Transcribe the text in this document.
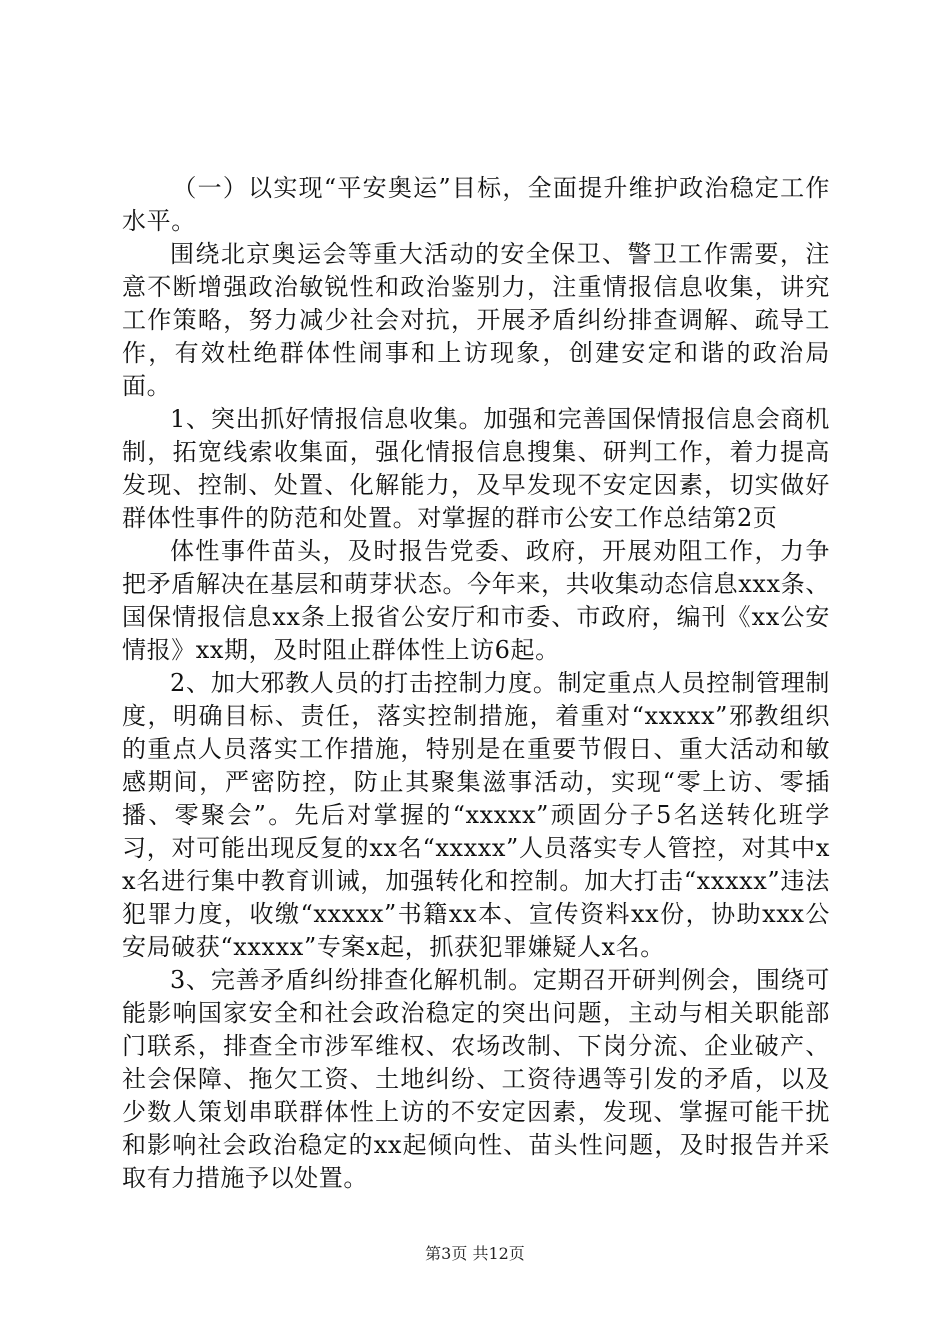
（一）以实现“平安奥运”目标，全面提升维护政治稳定工作水平。

围绕北京奥运会等重大活动的安全保卫、警卫工作需要，注意不断增强政治敏锐性和政治鉴别力，注重情报信息收集，讲究工作策略，努力减少社会对抗，开展矛盾纠纷排查调解、疏导工作，有效杜绝群体性闹事和上访现象，创建安定和谐的政治局面。

1、突出抓好情报信息收集。加强和完善国保情报信息会商机制，拓宽线索收集面，强化情报信息搜集、研判工作，着力提高发现、控制、处置、化解能力，及早发现不安定因素，切实做好群体性事件的防范和处置。对掌握的群市公安工作总结第2页

体性事件苗头，及时报告党委、政府，开展劝阻工作，力争把矛盾解决在基层和萌芽状态。今年来，共收集动态信息xxx条、国保情报信息xx条上报省公安厅和市委、市政府，编刊《xx公安情报》xx期，及时阻止群体性上访6起。

2、加大邪教人员的打击控制力度。制定重点人员控制管理制度，明确目标、责任，落实控制措施，着重对“xxxxx”邪教组织的重点人员落实工作措施，特别是在重要节假日、重大活动和敏感期间，严密防控，防止其聚集滋事活动，实现“零上访、零插播、零聚会”。先后对掌握的“xxxxx”顽固分子5名送转化班学习，对可能出现反复的xx名“xxxxx”人员落实专人管控，对其中xx名进行集中教育训诫，加强转化和控制。加大打击“xxxxx”违法犯罪力度，收缴“xxxxx”书籍xx本、宣传资料xx份，协助xxx公安局破获“xxxxx”专案x起，抓获犯罪嫌疑人x名。

3、完善矛盾纠纷排查化解机制。定期召开研判例会，围绕可能影响国家安全和社会政治稳定的突出问题，主动与相关职能部门联系，排查全市涉军维权、农场改制、下岗分流、企业破产、社会保障、拖欠工资、土地纠纷、工资待遇等引发的矛盾，以及少数人策划串联群体性上访的不安定因素，发现、掌握可能干扰和影响社会政治稳定的xx起倾向性、苗头性问题，及时报告并采取有力措施予以处置。

第3页 共12页
